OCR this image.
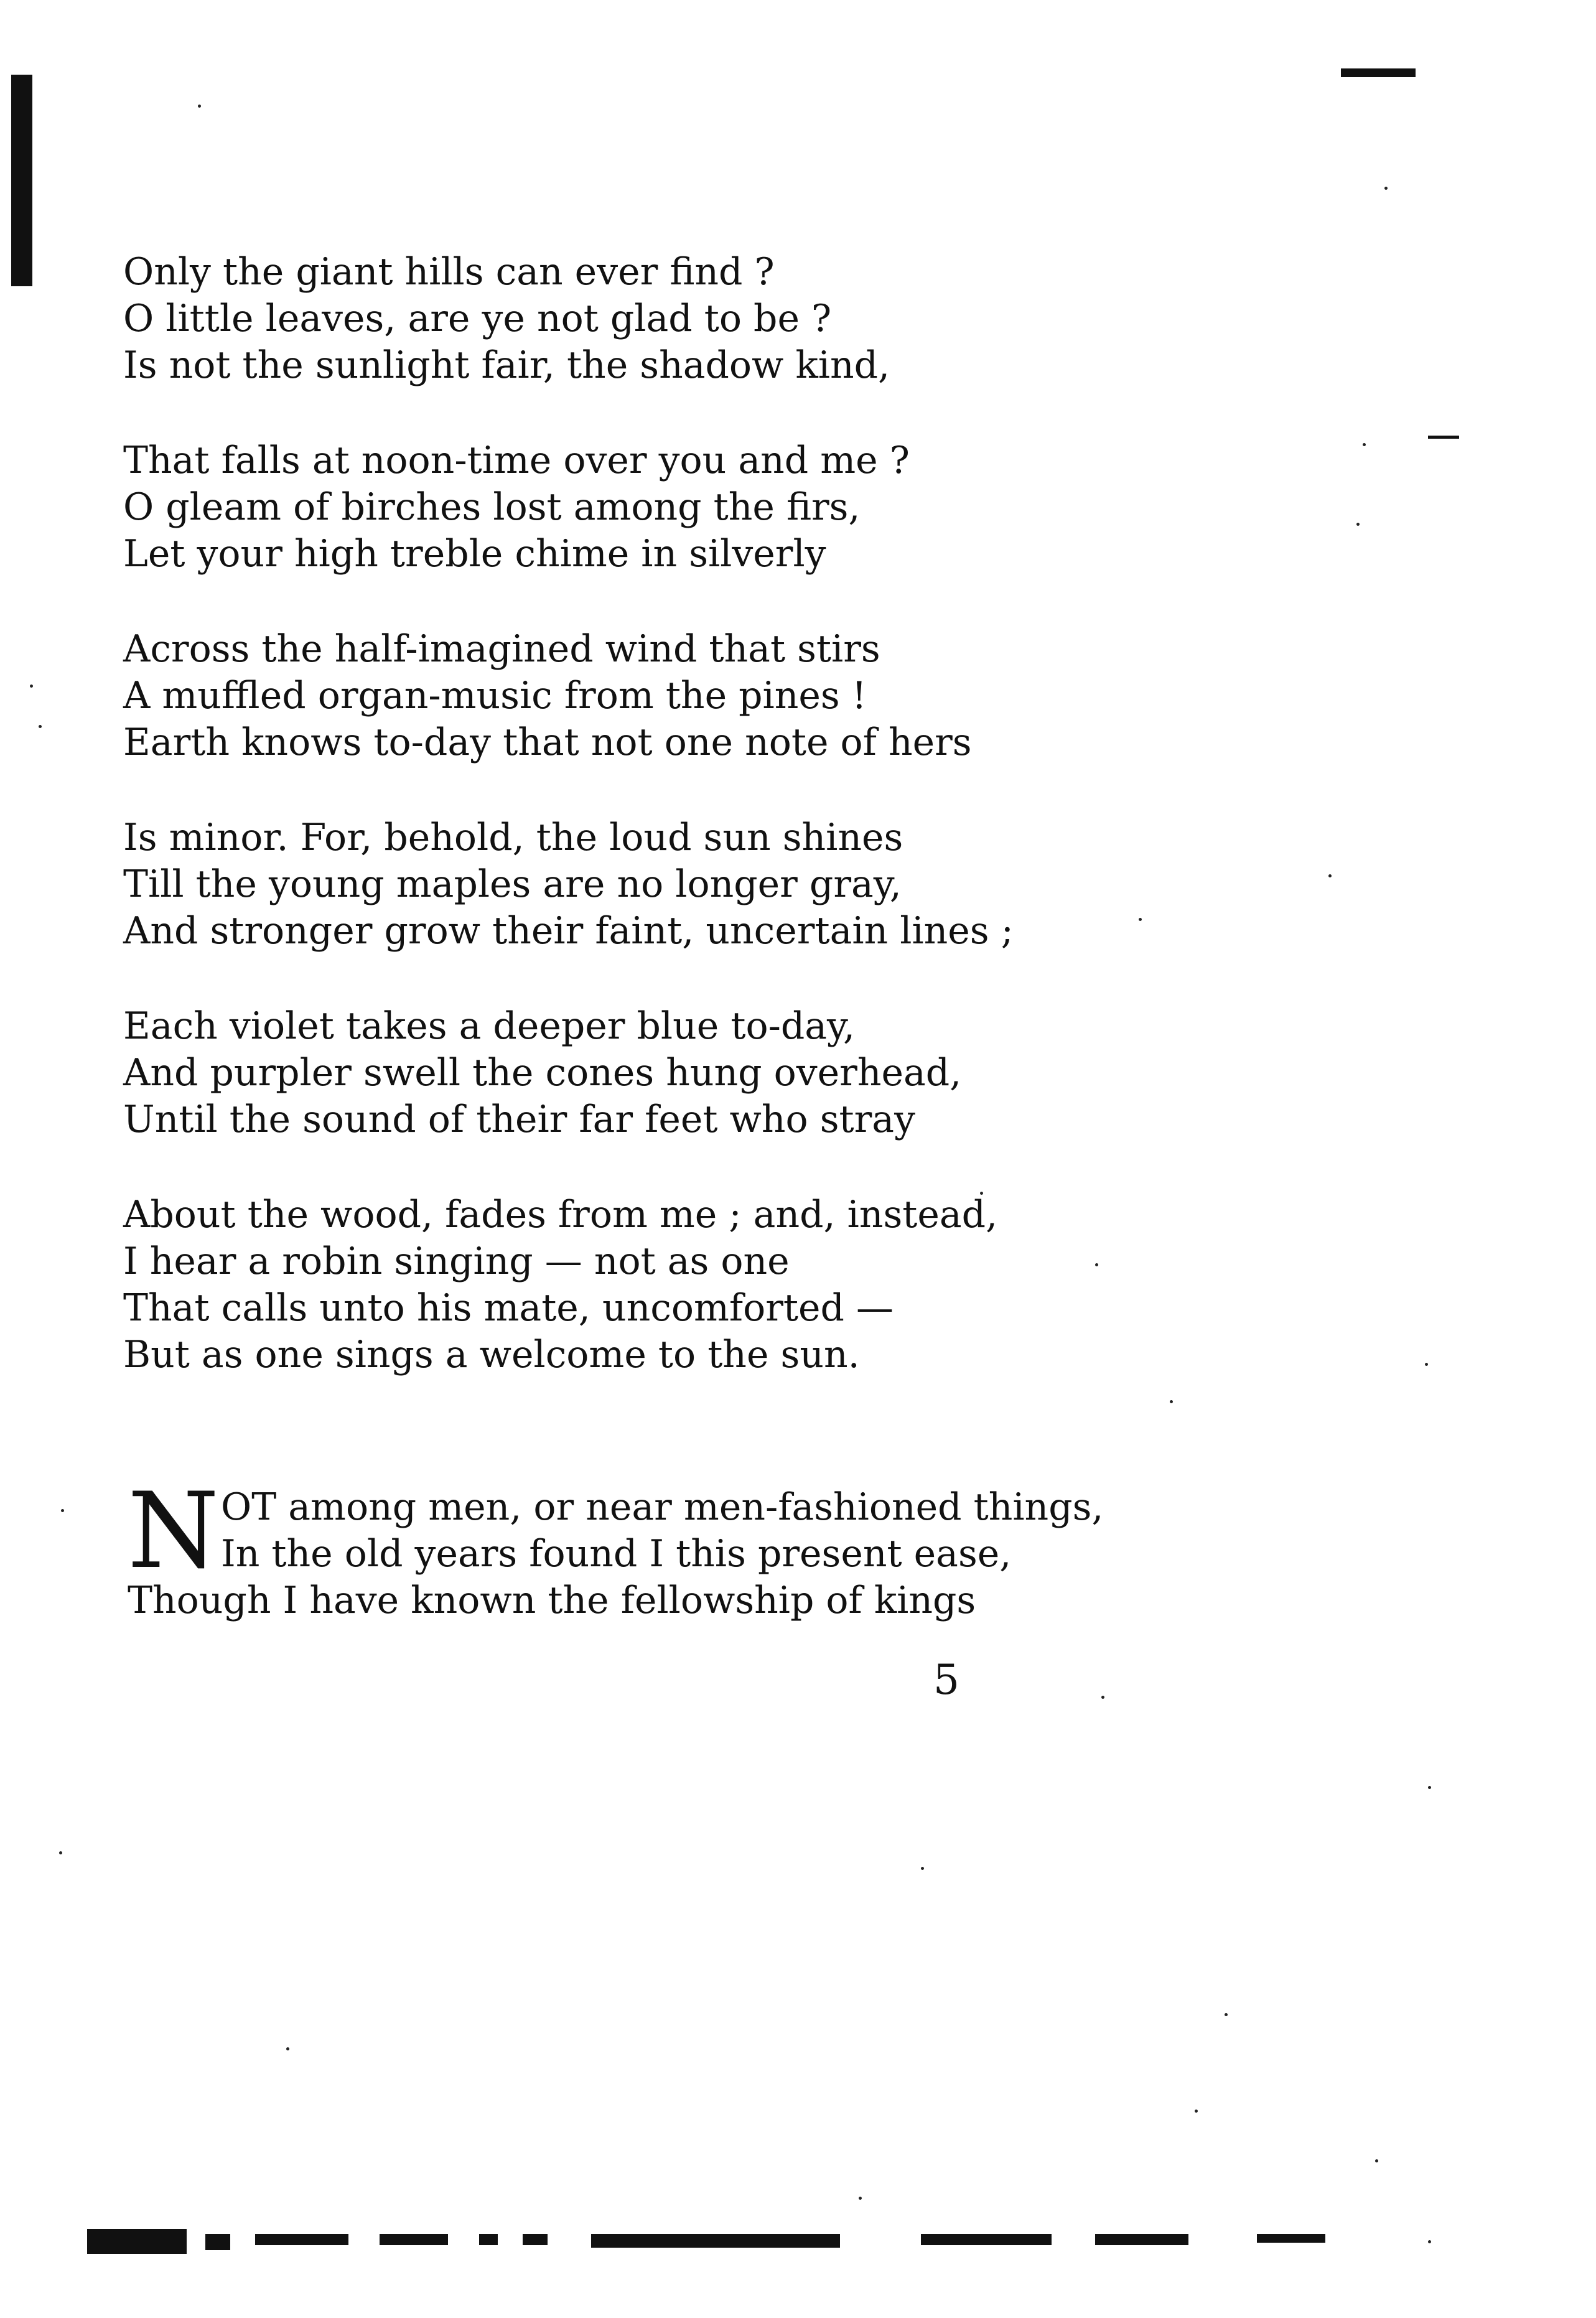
Only the giant hills can ever find ?
O little leaves, are ye not glad to be ?
Is not the sunlight fair, the shadow kind,
That falls at noon-time over you and me ?
O gleam of birches lost among the firs,
Let your high treble chime in silverly
Across the half-imagined wind that stirs
A muffled organ-music from the pines !
Earth knows to-day that not one note of hers
Is minor. For, behold, the loud sun shines
Till the young maples are no longer gray,
And stronger grow their faint, uncertain lines ;
Each violet takes a deeper blue to-day,
And purpler swell the cones hung overhead,
Until the sound of their far feet who stray
About the wood, fades from me ; and, instead,
I hear a robin singing — not as one
That calls unto his mate, uncomforted —
But as one sings a welcome to the sun.
N OT among men, or near men-fashioned things,
In the old years found I this present ease,
Though I have known the fellowship of kings
5
